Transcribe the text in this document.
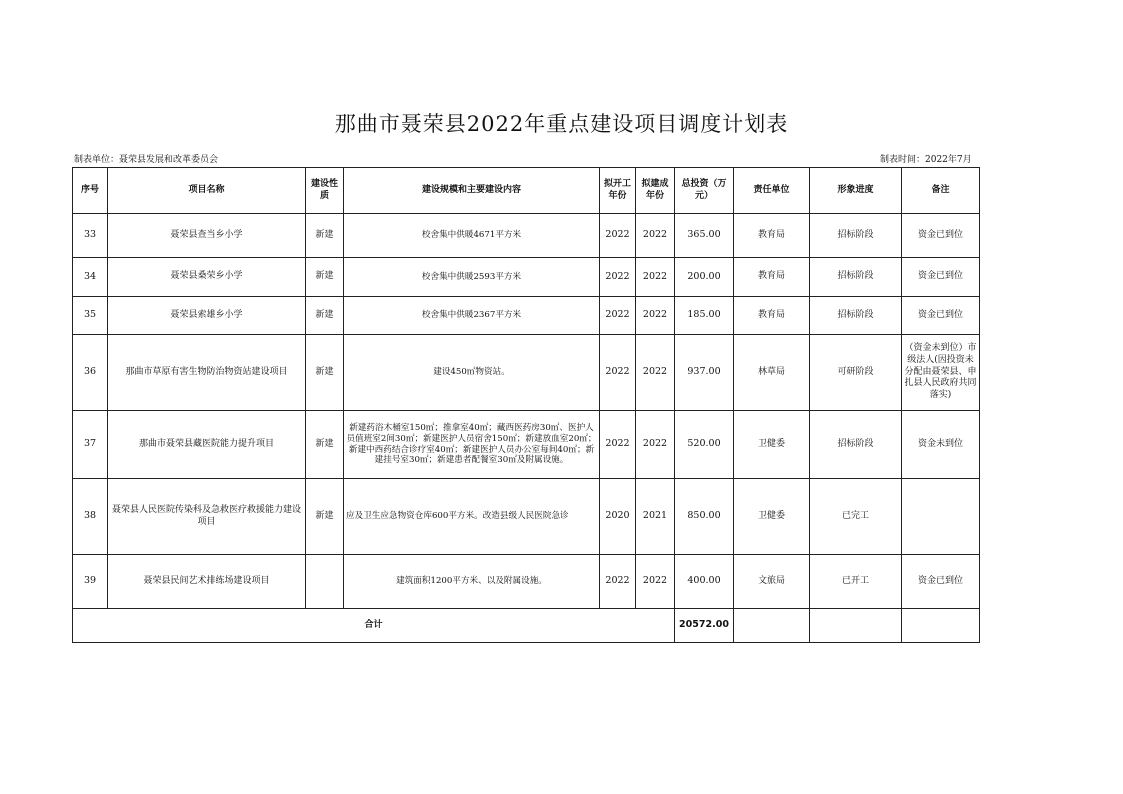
那曲市聂荣县2022年重点建设项目调度计划表
制表单位：聂荣县发展和改革委员会	制表时间：2022年7月
序号	项目名称	建设性质	建设规模和主要建设内容	拟开工年份	拟建成年份	总投资（万元）	责任单位	形象进度	备注
33	聂荣县查当乡小学	新建	校舍集中供暖4671平方米	2022	2022	365.00	教育局	招标阶段	资金已到位
34	聂荣县桑荣乡小学	新建	校舍集中供暖2593平方米	2022	2022	200.00	教育局	招标阶段	资金已到位
35	聂荣县索雄乡小学	新建	校舍集中供暖2367平方米	2022	2022	185.00	教育局	招标阶段	资金已到位
36	那曲市草原有害生物防治物资站建设项目	新建	建设450㎡物资站。	2022	2022	937.00	林草局	可研阶段	（资金未到位）市级法人(因投资未分配由聂荣县、申扎县人民政府共同落实)
37	那曲市聂荣县藏医院能力提升项目	新建	新建药浴木桶室150㎡；推拿室40㎡；藏西医药房30㎡、医护人员值班室2间30㎡；新建医护人员宿舍150㎡；新建放血室20㎡；新建中西药结合诊疗室40㎡；新建医护人员办公室每间40㎡；新建挂号室30㎡；新建患者配餐室30㎡及附属设施。	2022	2022	520.00	卫健委	招标阶段	资金未到位
38	聂荣县人民医院传染科及急救医疗救援能力建设项目	新建	应及卫生应急物资仓库600平方米。改造县级人民医院急诊	2020	2021	850.00	卫健委	已完工	
39	聂荣县民间艺术排练场建设项目		建筑面积1200平方米、以及附属设施。	2022	2022	400.00	文旅局	已开工	资金已到位
合计						20572.00			
